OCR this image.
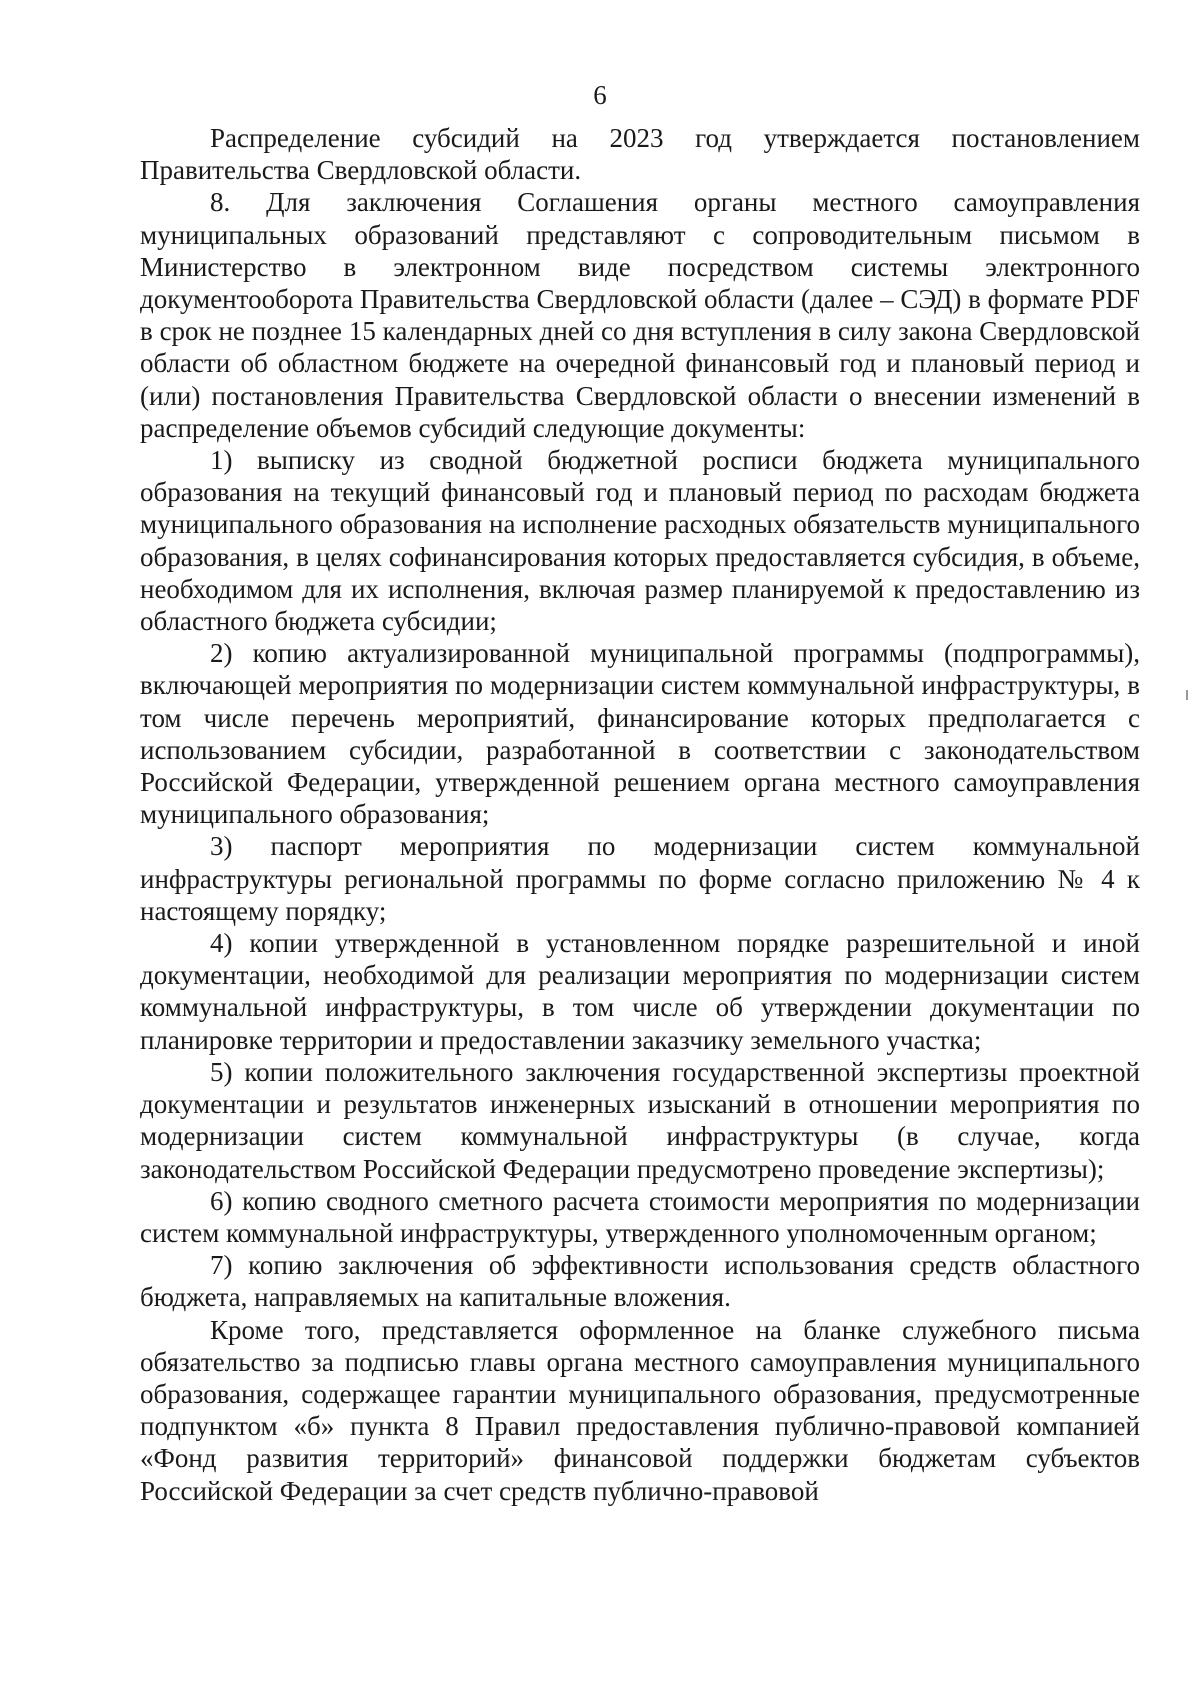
6

Распределение субсидий на 2023 год утверждается постановлением Правительства Свердловской области.

8. Для заключения Соглашения органы местного самоуправления муниципальных образований представляют с сопроводительным письмом в Министерство в электронном виде посредством системы электронного документооборота Правительства Свердловской области (далее – СЭД) в формате PDF в срок не позднее 15 календарных дней со дня вступления в силу закона Свердловской области об областном бюджете на очередной финансовый год и плановый период и (или) постановления Правительства Свердловской области о внесении изменений в распределение объемов субсидий следующие документы:

1) выписку из сводной бюджетной росписи бюджета муниципального образования на текущий финансовый год и плановый период по расходам бюджета муниципального образования на исполнение расходных обязательств муниципального образования, в целях софинансирования которых предоставляется субсидия, в объеме, необходимом для их исполнения, включая размер планируемой к предоставлению из областного бюджета субсидии;

2) копию актуализированной муниципальной программы (подпрограммы), включающей мероприятия по модернизации систем коммунальной инфраструктуры, в том числе перечень мероприятий, финансирование которых предполагается с использованием субсидии, разработанной в соответствии с законодательством Российской Федерации, утвержденной решением органа местного самоуправления муниципального образования;

3) паспорт мероприятия по модернизации систем коммунальной инфраструктуры региональной программы по форме согласно приложению № 4 к настоящему порядку;

4) копии утвержденной в установленном порядке разрешительной и иной документации, необходимой для реализации мероприятия по модернизации систем коммунальной инфраструктуры, в том числе об утверждении документации по планировке территории и предоставлении заказчику земельного участка;

5) копии положительного заключения государственной экспертизы проектной документации и результатов инженерных изысканий в отношении мероприятия по модернизации систем коммунальной инфраструктуры (в случае, когда законодательством Российской Федерации предусмотрено проведение экспертизы);

6) копию сводного сметного расчета стоимости мероприятия по модернизации систем коммунальной инфраструктуры, утвержденного уполномоченным органом;

7) копию заключения об эффективности использования средств областного бюджета, направляемых на капитальные вложения.

Кроме того, представляется оформленное на бланке служебного письма обязательство за подписью главы органа местного самоуправления муниципального образования, содержащее гарантии муниципального образования, предусмотренные подпунктом «б» пункта 8 Правил предоставления публично-правовой компанией «Фонд развития территорий» финансовой поддержки бюджетам субъектов Российской Федерации за счет средств публично-правовой
